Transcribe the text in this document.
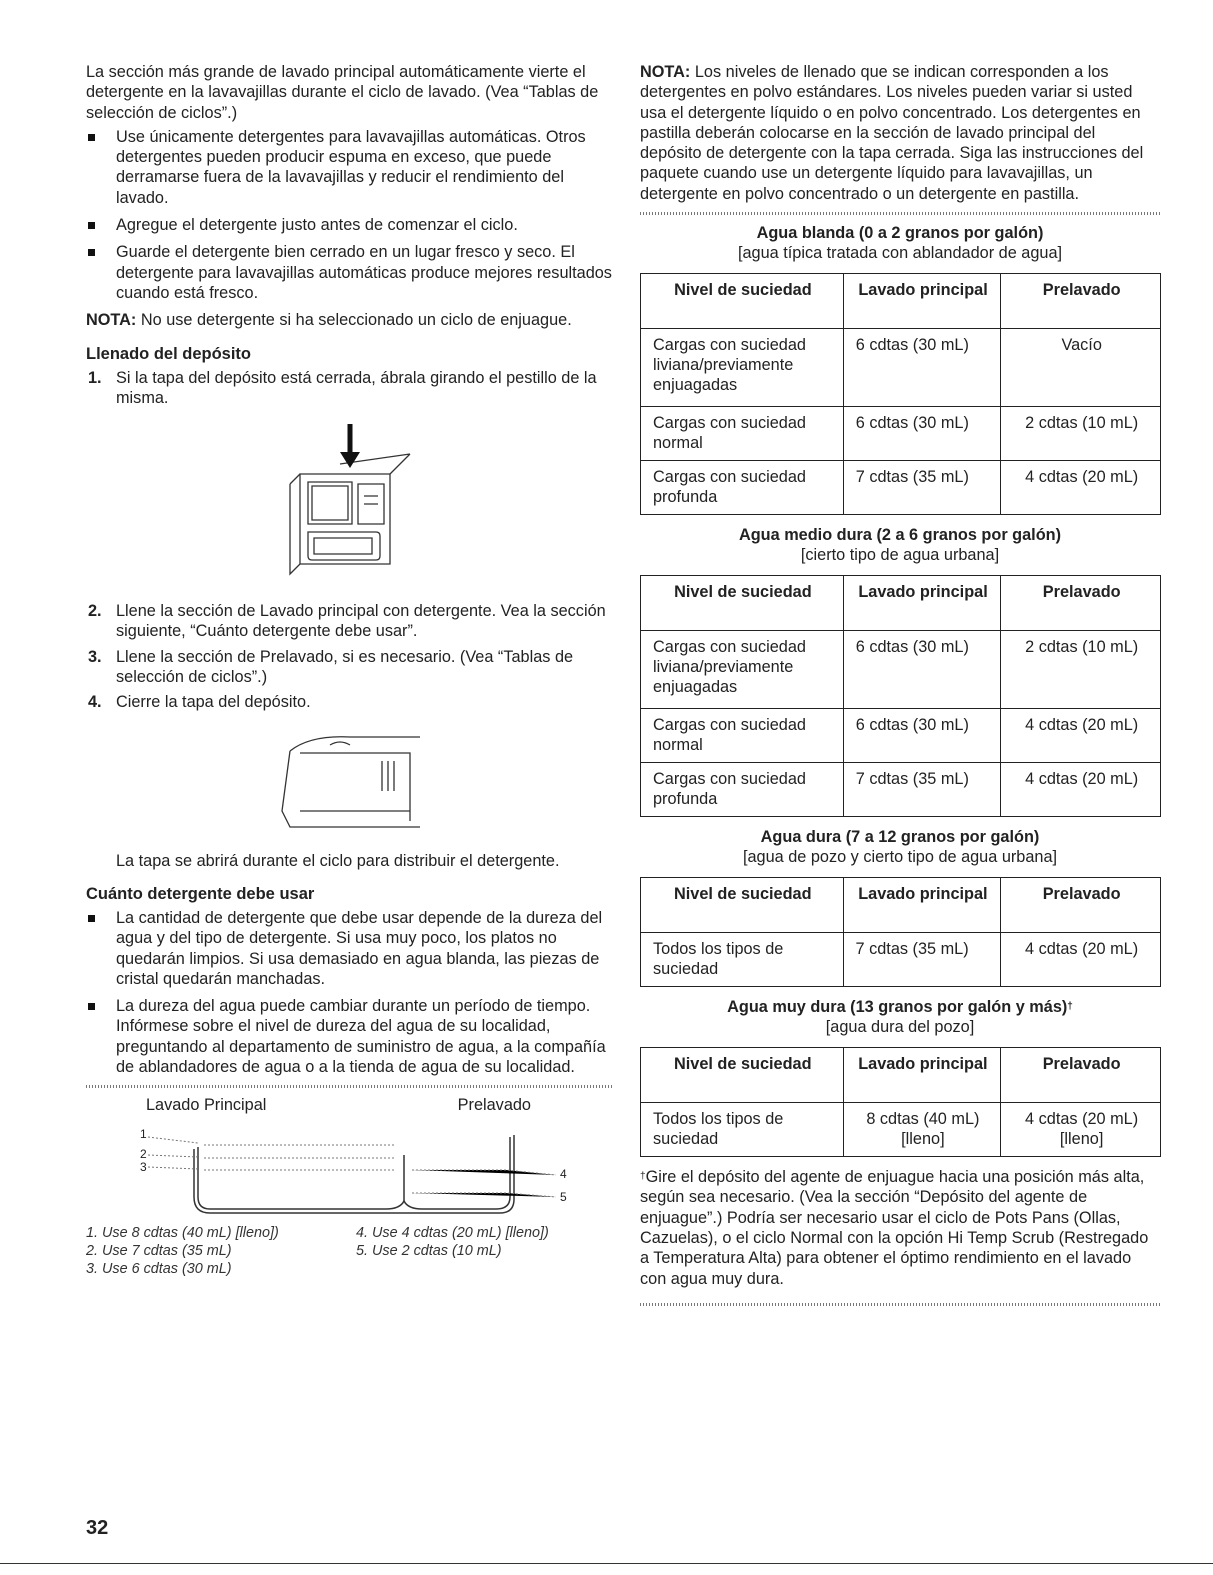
La sección más grande de lavado principal automáticamente vierte el detergente en la lavavajillas durante el ciclo de lavado. (Vea “Tablas de selección de ciclos”.)

Use únicamente detergentes para lavavajillas automáticas. Otros detergentes pueden producir espuma en exceso, que puede derramarse fuera de la lavavajillas y reducir el rendimiento del lavado.
Agregue el detergente justo antes de comenzar el ciclo.
Guarde el detergente bien cerrado en un lugar fresco y seco. El detergente para lavavajillas automáticas produce mejores resultados cuando está fresco.

NOTA: No use detergente si ha seleccionado un ciclo de enjuague.

Llenado del depósito
1. Si la tapa del depósito está cerrada, ábrala girando el pestillo de la misma.
2. Llene la sección de Lavado principal con detergente. Vea la sección siguiente, “Cuánto detergente debe usar”.
3. Llene la sección de Prelavado, si es necesario. (Vea “Tablas de selección de ciclos”.)
4. Cierre la tapa del depósito.

La tapa se abrirá durante el ciclo para distribuir el detergente.

Cuánto detergente debe usar
La cantidad de detergente que debe usar depende de la dureza del agua y del tipo de detergente. Si usa muy poco, los platos no quedarán limpios. Si usa demasiado en agua blanda, las piezas de cristal quedarán manchadas.
La dureza del agua puede cambiar durante un período de tiempo. Infórmese sobre el nivel de dureza del agua de su localidad, preguntando al departamento de suministro de agua, a la compañía de ablandadores de agua o a la tienda de agua de su localidad.
Lavado Principal	Prelavado
1
2
3	4
5
1. Use 8 cdtas (40 mL) [lleno])
2. Use 7 cdtas (35 mL)
3. Use 6 cdtas (30 mL)
4. Use 4 cdtas (20 mL) [lleno])
5. Use 2 cdtas (10 mL)

NOTA: Los niveles de llenado que se indican corresponden a los detergentes en polvo estándares. Los niveles pueden variar si usted usa el detergente líquido o en polvo concentrado. Los detergentes en pastilla deberán colocarse en la sección de lavado principal del depósito de detergente con la tapa cerrada. Siga las instrucciones del paquete cuando use un detergente líquido para lavavajillas, un detergente en polvo concentrado o un detergente en pastilla.

Agua blanda (0 a 2 granos por galón)
[agua típica tratada con ablandador de agua]
Nivel de suciedad	Lavado principal	Prelavado
Cargas con suciedad liviana/previamente enjuagadas	6 cdtas (30 mL)	Vacío
Cargas con suciedad normal	6 cdtas (30 mL)	2 cdtas (10 mL)
Cargas con suciedad profunda	7 cdtas (35 mL)	4 cdtas (20 mL)
Agua medio dura (2 a 6 granos por galón)
[cierto tipo de agua urbana]
Nivel de suciedad	Lavado principal	Prelavado
Cargas con suciedad liviana/previamente enjuagadas	6 cdtas (30 mL)	2 cdtas (10 mL)
Cargas con suciedad normal	6 cdtas (30 mL)	4 cdtas (20 mL)
Cargas con suciedad profunda	7 cdtas (35 mL)	4 cdtas (20 mL)
Agua dura (7 a 12 granos por galón)
[agua de pozo y cierto tipo de agua urbana]
Nivel de suciedad	Lavado principal	Prelavado
Todos los tipos de suciedad	7 cdtas (35 mL)	4 cdtas (20 mL)
Agua muy dura (13 granos por galón y más)†
[agua dura del pozo]
Nivel de suciedad	Lavado principal	Prelavado
Todos los tipos de suciedad	8 cdtas (40 mL) [lleno]	4 cdtas (20 mL) [lleno]

†Gire el depósito del agente de enjuague hacia una posición más alta, según sea necesario. (Vea la sección “Depósito del agente de enjuague”.) Podría ser necesario usar el ciclo de Pots Pans (Ollas, Cazuelas), o el ciclo Normal con la opción Hi Temp Scrub (Restregado a Temperatura Alta) para obtener el óptimo rendimiento en el lavado con agua muy dura.

32
